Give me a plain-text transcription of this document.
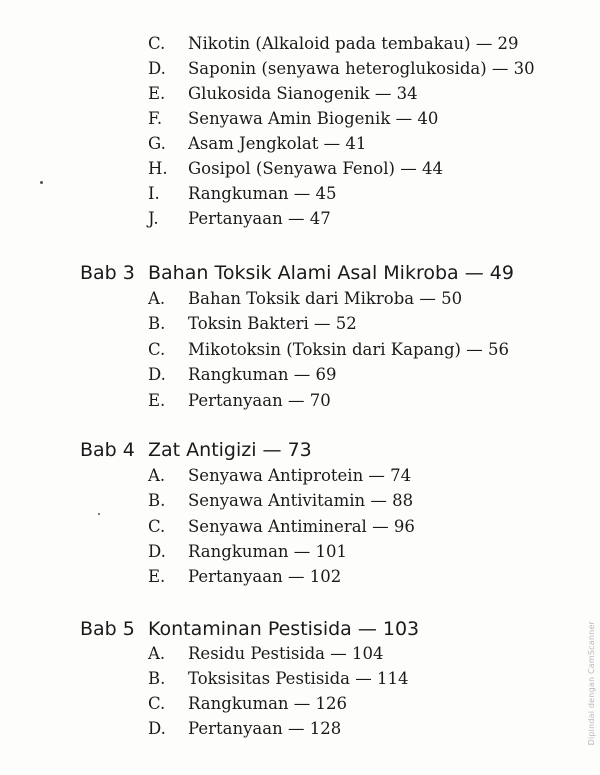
C.	Nikotin (Alkaloid pada tembakau) — 29
D.	Saponin (senyawa heteroglukosida) — 30
E.	Glukosida Sianogenik — 34
F.	Senyawa Amin Biogenik — 40
G.	Asam Jengkolat — 41
H.	Gosipol (Senyawa Fenol) — 44
I.	Rangkuman — 45
J.	Pertanyaan — 47
Bab 3 Bahan Toksik Alami Asal Mikroba — 49
A.	Bahan Toksik dari Mikroba — 50
B.	Toksin Bakteri — 52
C.	Mikotoksin (Toksin dari Kapang) — 56
D.	Rangkuman — 69
E.	Pertanyaan — 70
Bab 4 Zat Antigizi — 73
A.	Senyawa Antiprotein — 74
B.	Senyawa Antivitamin — 88
C.	Senyawa Antimineral — 96
D.	Rangkuman — 101
E.	Pertanyaan — 102
Bab 5 Kontaminan Pestisida — 103
A.	Residu Pestisida — 104
B.	Toksisitas Pestisida — 114
C.	Rangkuman — 126
D.	Pertanyaan — 128	Dipindai dengan CamScanner
